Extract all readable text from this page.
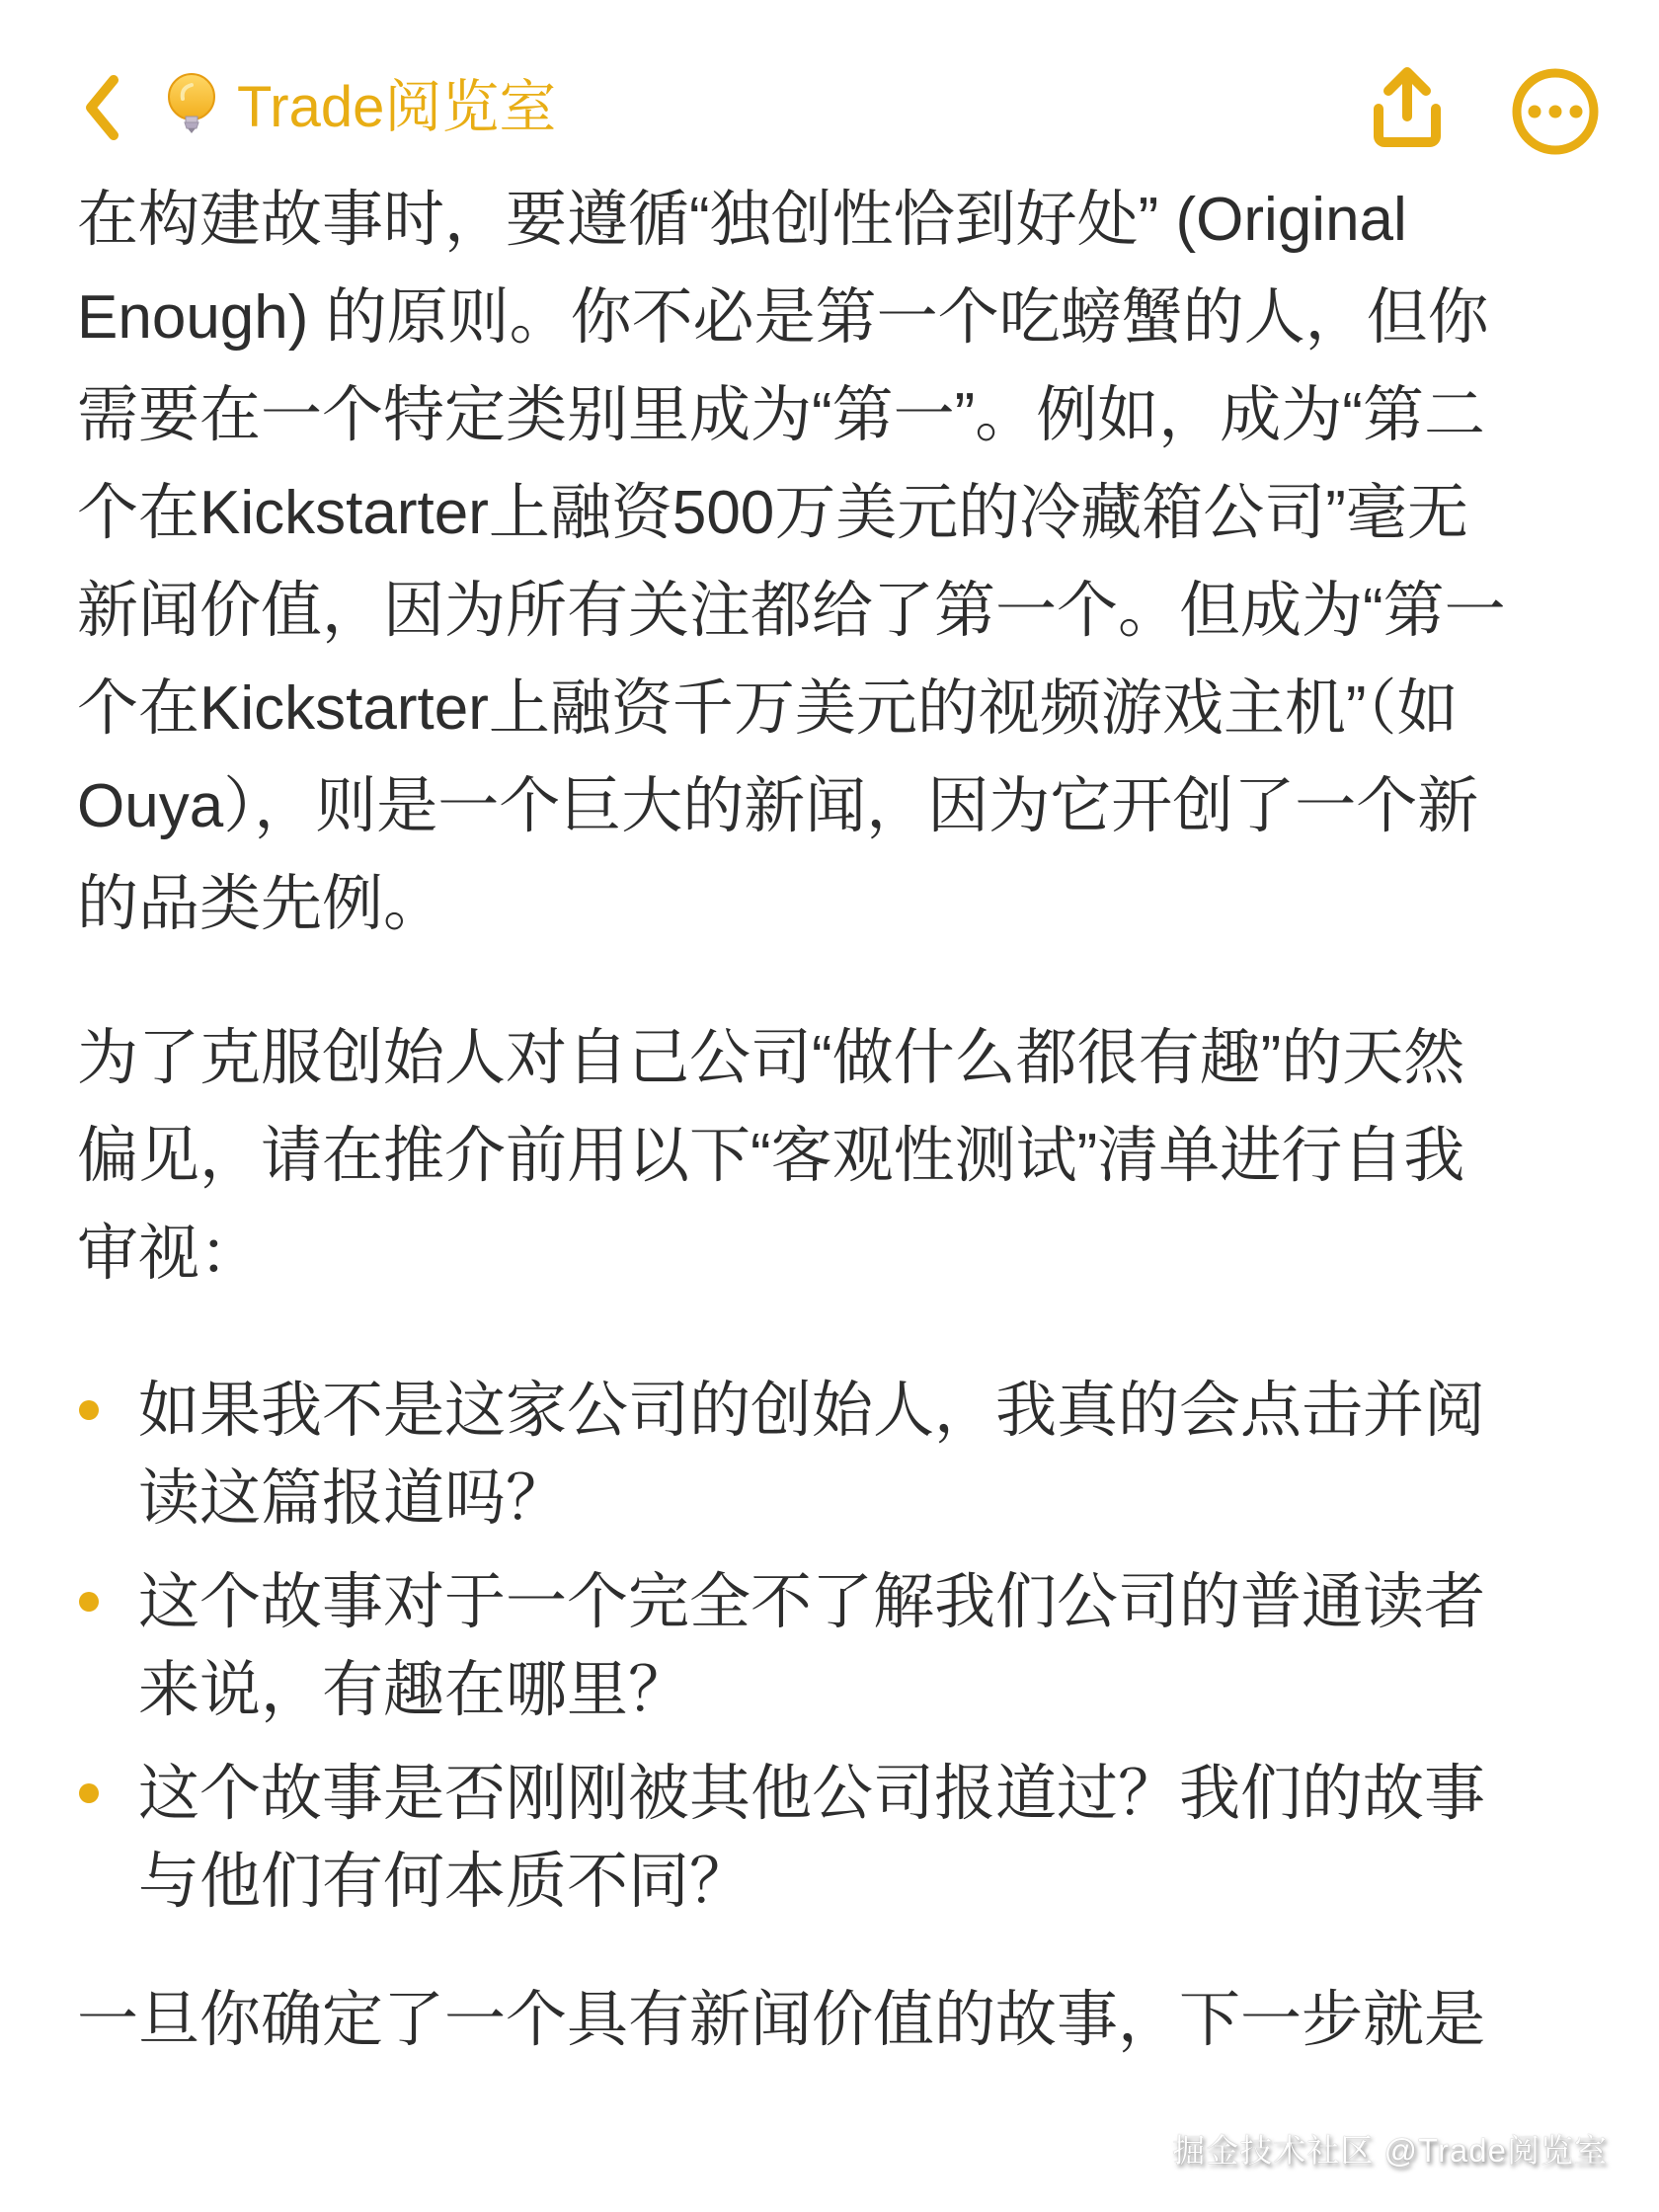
Trade阅览室
在构建故事时，要遵循“独创性恰到好处” (Original
Enough) 的原则。你不必是第一个吃螃蟹的人，但你
需要在一个特定类别里成为“第一”。例如，成为“第二
个在Kickstarter上融资500万美元的冷藏箱公司”毫无
新闻价值，因为所有关注都给了第一个。但成为“第一
个在Kickstarter上融资千万美元的视频游戏主机”（如
Ouya），则是一个巨大的新闻，因为它开创了一个新
的品类先例。
为了克服创始人对自己公司“做什么都很有趣”的天然
偏见，请在推介前用以下“客观性测试”清单进行自我
审视：
如果我不是这家公司的创始人，我真的会点击并阅
读这篇报道吗？
这个故事对于一个完全不了解我们公司的普通读者
来说，有趣在哪里？
这个故事是否刚刚被其他公司报道过？我们的故事
与他们有何本质不同？
一旦你确定了一个具有新闻价值的故事，下一步就是
掘金技术社区 @Trade阅览室
